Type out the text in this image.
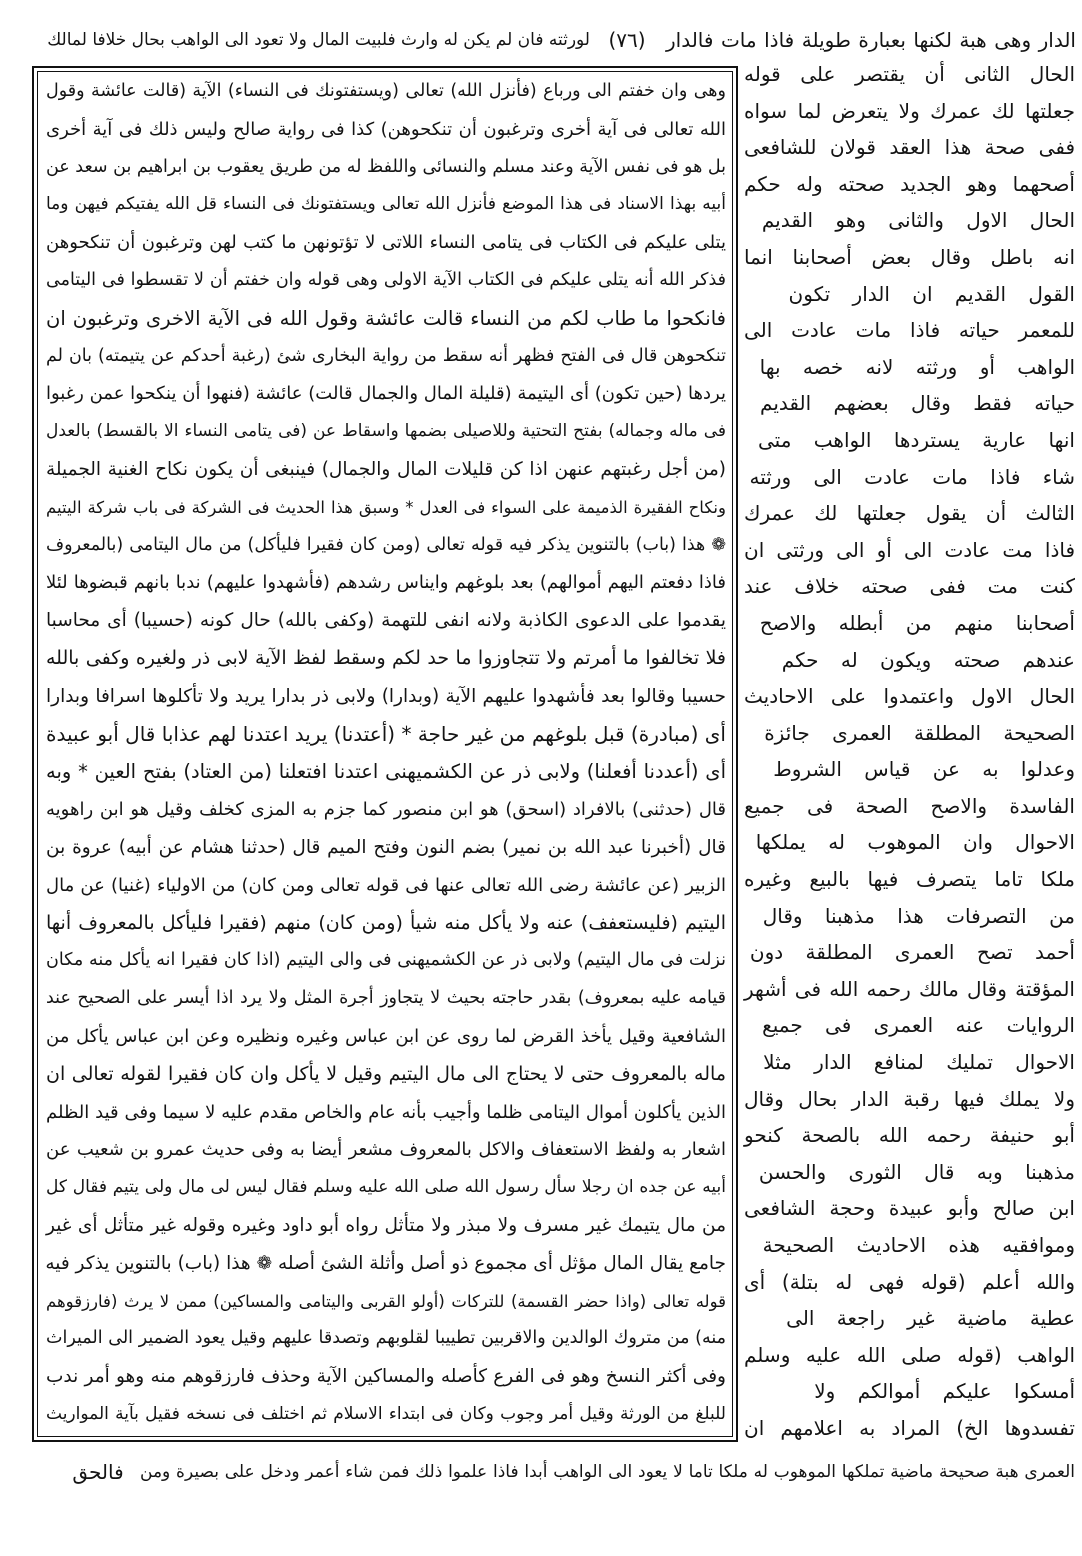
الدار وهى هبة لكنها بعبارة طويلة فاذا مات فالدار
(٧٦)
لورثته فان لم يكن له وارث فلبيت المال ولا تعود الى الواهب بحال خلافا لمالك
وهى وان خفتم الى ورباع (فأنزل الله) تعالى (ويستفتونك فى النساء) الآية (قالت عائشة وقول
الله تعالى فى آية أخرى وترغبون أن تنكحوهن) كذا فى رواية صالح وليس ذلك فى آية أخرى
بل هو فى نفس الآية وعند مسلم والنسائى واللفظ له من طريق يعقوب بن ابراهيم بن سعد عن
أبيه بهذا الاسناد فى هذا الموضع فأنزل الله تعالى ويستفتونك فى النساء قل الله يفتيكم فيهن وما
يتلى عليكم فى الكتاب فى يتامى النساء اللاتى لا تؤتونهن ما كتب لهن وترغبون أن تنكحوهن
فذكر الله أنه يتلى عليكم فى الكتاب الآية الاولى وهى قوله وان خفتم أن لا تقسطوا فى اليتامى
فانكحوا ما طاب لكم من النساء قالت عائشة وقول الله فى الآية الاخرى وترغبون ان
تنكحوهن قال فى الفتح فظهر أنه سقط من رواية البخارى شئ (رغبة أحدكم عن يتيمته) بان لم
يردها (حين تكون) أى اليتيمة (قليلة المال والجمال قالت) عائشة (فنهوا أن ينكحوا عمن رغبوا
فى ماله وجماله) بفتح التحتية وللاصيلى بضمها واسقاط عن (فى يتامى النساء الا بالقسط) بالعدل
(من أجل رغبتهم عنهن اذا كن قليلات المال والجمال) فينبغى أن يكون نكاح الغنية الجميلة
ونكاح الفقيرة الذميمة على السواء فى العدل * وسبق هذا الحديث فى الشركة فى باب شركة اليتيم
❁ هذا (باب) بالتنوين يذكر فيه قوله تعالى (ومن كان فقيرا فليأكل) من مال اليتامى (بالمعروف
فاذا دفعتم اليهم أموالهم) بعد بلوغهم وايناس رشدهم (فأشهدوا عليهم) ندبا بانهم قبضوها لئلا
يقدموا على الدعوى الكاذبة ولانه انفى للتهمة (وكفى بالله) حال كونه (حسيبا) أى محاسبا
فلا تخالفوا ما أمرتم ولا تتجاوزوا ما حد لكم وسقط لفظ الآية لابى ذر ولغيره وكفى بالله
حسيبا وقالوا بعد فأشهدوا عليهم الآية (وبدارا) ولابى ذر بدارا يريد ولا تأكلوها اسرافا وبدارا
أى (مبادرة) قبل بلوغهم من غير حاجة * (أعتدنا) يريد اعتدنا لهم عذابا قال أبو عبيدة
أى (أعددنا أفعلنا) ولابى ذر عن الكشميهنى اعتدنا افتعلنا (من العتاد) بفتح العين * وبه
قال (حدثنى) بالافراد (اسحق) هو ابن منصور كما جزم به المزى كخلف وقيل هو ابن راهويه
قال (أخبرنا عبد الله بن نمير) بضم النون وفتح الميم قال (حدثنا هشام عن أبيه) عروة بن
الزبير (عن عائشة رضى الله تعالى عنها فى قوله تعالى ومن كان) من الاولياء (غنيا) عن مال
اليتيم (فليستعفف) عنه ولا يأكل منه شيأ (ومن كان) منهم (فقيرا فليأكل بالمعروف أنها
نزلت فى مال اليتيم) ولابى ذر عن الكشميهنى فى والى اليتيم (اذا كان فقيرا انه يأكل منه مكان
قيامه عليه بمعروف) بقدر حاجته بحيث لا يتجاوز أجرة المثل ولا يرد اذا أيسر على الصحيح عند
الشافعية وقيل يأخذ القرض لما روى عن ابن عباس وغيره ونظيره وعن ابن عباس يأكل من
ماله بالمعروف حتى لا يحتاج الى مال اليتيم وقيل لا يأكل وان كان فقيرا لقوله تعالى ان
الذين يأكلون أموال اليتامى ظلما وأجيب بأنه عام والخاص مقدم عليه لا سيما وفى قيد الظلم
اشعار به ولفظ الاستعفاف والاكل بالمعروف مشعر أيضا به وفى حديث عمرو بن شعيب عن
أبيه عن جده ان رجلا سأل رسول الله صلى الله عليه وسلم فقال ليس لى مال ولى يتيم فقال كل
من مال يتيمك غير مسرف ولا مبذر ولا متأثل رواه أبو داود وغيره وقوله غير متأثل أى غير
جامع يقال المال مؤثل أى مجموع ذو أصل وأثلة الشئ أصله ❁ هذا (باب) بالتنوين يذكر فيه
قوله تعالى (واذا حضر القسمة) للتركات (أولو القربى واليتامى والمساكين) ممن لا يرث (فارزقوهم
منه) من متروك الوالدين والاقربين تطييبا لقلوبهم وتصدقا عليهم وقيل يعود الضمير الى الميراث
وفى أكثر النسخ وهو فى الفرع كأصله والمساكين الآية وحذف فارزقوهم منه وهو أمر ندب
للبلغ من الورثة وقيل أمر وجوب وكان فى ابتداء الاسلام ثم اختلف فى نسخه فقيل بآية المواريث
الحال الثانى أن يقتصر على قوله
جعلتها لك عمرك ولا يتعرض لما سواه
ففى صحة هذا العقد قولان للشافعى
أصحهما وهو الجديد صحته وله حكم
الحال الاول والثانى وهو القديم
انه باطل وقال بعض أصحابنا انما
القول القديم ان الدار تكون
للمعمر حياته فاذا مات عادت الى
الواهب أو ورثته لانه خصه بها
حياته فقط وقال بعضهم القديم
انها عارية يستردها الواهب متى
شاء فاذا مات عادت الى ورثته
الثالث أن يقول جعلتها لك عمرك
فاذا مت عادت الى أو الى ورثتى ان
كنت مت ففى صحته خلاف عند
أصحابنا منهم من أبطله والاصح
عندهم صحته ويكون له حكم
الحال الاول واعتمدوا على الاحاديث
الصحيحة المطلقة العمرى جائزة
وعدلوا به عن قياس الشروط
الفاسدة والاصح الصحة فى جميع
الاحوال وان الموهوب له يملكها
ملكا تاما يتصرف فيها بالبيع وغيره
من التصرفات هذا مذهبنا وقال
أحمد تصح العمرى المطلقة دون
المؤقتة وقال مالك رحمه الله فى أشهر
الروايات عنه العمرى فى جميع
الاحوال تمليك لمنافع الدار مثلا
ولا يملك فيها رقبة الدار بحال وقال
أبو حنيفة رحمه الله بالصحة كنحو
مذهبنا وبه قال الثورى والحسن
ابن صالح وأبو عبيدة وحجة الشافعى
وموافقيه هذه الاحاديث الصحيحة
والله أعلم (قوله فهى له بتلة) أى
عطية ماضية غير راجعة الى
الواهب (قوله صلى الله عليه وسلم
أمسكوا عليكم أموالكم ولا
تفسدوها الخ) المراد به اعلامهم ان
العمرى هبة صحيحة ماضية تملكها الموهوب له ملكا تاما لا يعود الى الواهب أبدا فاذا علموا ذلك فمن شاء أعمر ودخل على بصيرة ومن
فالحق
